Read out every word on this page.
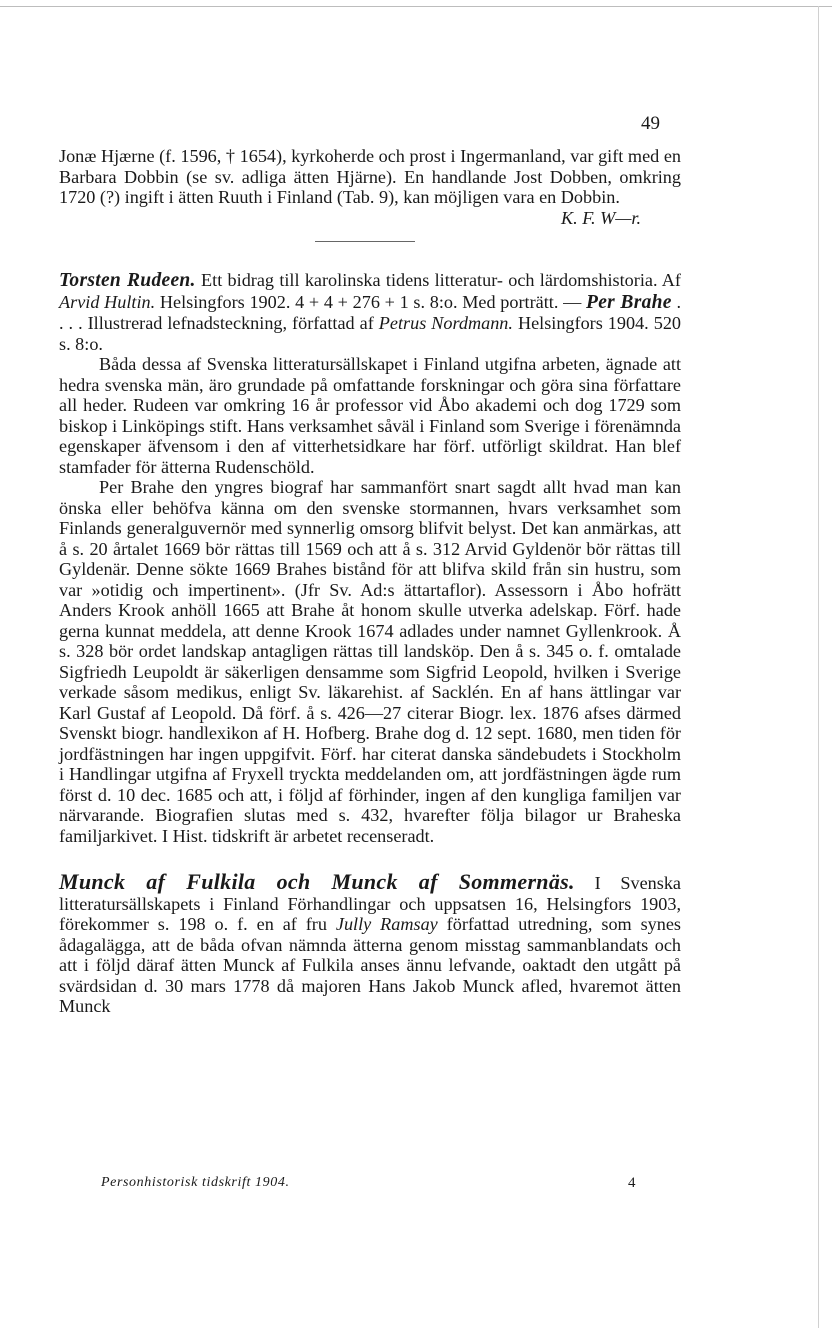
49

Jonæ Hjærne (f. 1596, † 1654), kyrkoherde och prost i Ingermanland, var gift med en Barbara Dobbin (se sv. adliga ätten Hjärne). En handlande Jost Dobben, omkring 1720 (?) ingift i ätten Ruuth i Finland (Tab. 9), kan möjligen vara en Dobbin.

K. F. W—r.

Torsten Rudeen. Ett bidrag till karolinska tidens litteratur- och lärdomshistoria. Af Arvid Hultin. Helsingfors 1902. 4 + 4 + 276 + 1 s. 8:o. Med porträtt. — Per Brahe . . . . Illustrerad lefnadsteckning, författad af Petrus Nordmann. Helsingfors 1904. 520 s. 8:o.

Båda dessa af Svenska litteratursällskapet i Finland utgifna arbeten, ägnade att hedra svenska män, äro grundade på omfattande forskningar och göra sina författare all heder. Rudeen var omkring 16 år professor vid Åbo akademi och dog 1729 som biskop i Linköpings stift. Hans verksamhet såväl i Finland som Sverige i förenämnda egenskaper äfvensom i den af vitterhetsidkare har förf. utförligt skildrat. Han blef stamfader för ätterna Rudenschöld.

Per Brahe den yngres biograf har sammanfört snart sagdt allt hvad man kan önska eller behöfva känna om den svenske stormannen, hvars verksamhet som Finlands generalguvernör med synnerlig omsorg blifvit belyst. Det kan anmärkas, att å s. 20 årtalet 1669 bör rättas till 1569 och att å s. 312 Arvid Gyldenör bör rättas till Gyldenär. Denne sökte 1669 Brahes bistånd för att blifva skild från sin hustru, som var »otidig och impertinent». (Jfr Sv. Ad:s ättartaflor). Assessorn i Åbo hofrätt Anders Krook anhöll 1665 att Brahe åt honom skulle utverka adelskap. Förf. hade gerna kunnat meddela, att denne Krook 1674 adlades under namnet Gyllenkrook. Å s. 328 bör ordet landskap antagligen rättas till landsköp. Den å s. 345 o. f. omtalade Sigfriedh Leupoldt är säkerligen densamme som Sigfrid Leopold, hvilken i Sverige verkade såsom medikus, enligt Sv. läkarehist. af Sacklén. En af hans ättlingar var Karl Gustaf af Leopold. Då förf. å s. 426—27 citerar Biogr. lex. 1876 afses därmed Svenskt biogr. handlexikon af H. Hofberg. Brahe dog d. 12 sept. 1680, men tiden för jordfästningen har ingen uppgifvit. Förf. har citerat danska sändebudets i Stockholm i Handlingar utgifna af Fryxell tryckta meddelanden om, att jordfästningen ägde rum först d. 10 dec. 1685 och att, i följd af förhinder, ingen af den kungliga familjen var närvarande. Biografien slutas med s. 432, hvarefter följa bilagor ur Braheska familjarkivet. I Hist. tidskrift är arbetet recenseradt.

Munck af Fulkila och Munck af Sommernäs. I Svenska litteratursällskapets i Finland Förhandlingar och uppsatsen 16, Helsingfors 1903, förekommer s. 198 o. f. en af fru Jully Ramsay författad utredning, som synes ådagalägga, att de båda ofvan nämnda ätterna genom misstag sammanblandats och att i följd däraf ätten Munck af Fulkila anses ännu lefvande, oaktadt den utgått på svärdsidan d. 30 mars 1778 då majoren Hans Jakob Munck afled, hvaremot ätten Munck

Personhistorisk tidskrift 1904.	4
